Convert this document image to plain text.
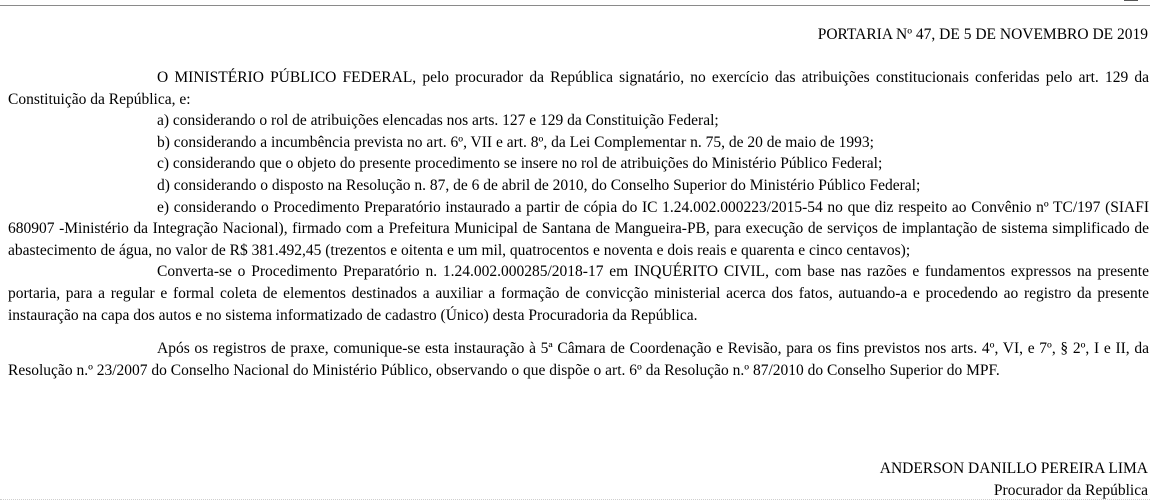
PORTARIA Nº 47, DE 5 DE NOVEMBRO DE 2019

O MINISTÉRIO PÚBLICO FEDERAL, pelo procurador da República signatário, no exercício das atribuições constitucionais conferidas pelo art. 129 da Constituição da República, e:

a) considerando o rol de atribuições elencadas nos arts. 127 e 129 da Constituição Federal;

b) considerando a incumbência prevista no art. 6º, VII e art. 8º, da Lei Complementar n. 75, de 20 de maio de 1993;

c) considerando que o objeto do presente procedimento se insere no rol de atribuições do Ministério Público Federal;

d) considerando o disposto na Resolução n. 87, de 6 de abril de 2010, do Conselho Superior do Ministério Público Federal;

e) considerando o Procedimento Preparatório instaurado a partir de cópia do IC 1.24.002.000223/2015-54 no que diz respeito ao Convênio nº TC/197 (SIAFI 680907 -Ministério da Integração Nacional), firmado com a Prefeitura Municipal de Santana de Mangueira-PB, para execução de serviços de implantação de sistema simplificado de abastecimento de água, no valor de R$ 381.492,45 (trezentos e oitenta e um mil, quatrocentos e noventa e dois reais e quarenta e cinco centavos);

Converta-se o Procedimento Preparatório n. 1.24.002.000285/2018-17 em INQUÉRITO CIVIL, com base nas razões e fundamentos expressos na presente portaria, para a regular e formal coleta de elementos destinados a auxiliar a formação de convicção ministerial acerca dos fatos, autuando-a e procedendo ao registro da presente instauração na capa dos autos e no sistema informatizado de cadastro (Único) desta Procuradoria da República.

Após os registros de praxe, comunique-se esta instauração à 5ª Câmara de Coordenação e Revisão, para os fins previstos nos arts. 4º, VI, e 7º, § 2º, I e II, da Resolução n.º 23/2007 do Conselho Nacional do Ministério Público, observando o que dispõe o art. 6º da Resolução n.º 87/2010 do Conselho Superior do MPF.

ANDERSON DANILLO PEREIRA LIMA
Procurador da República
